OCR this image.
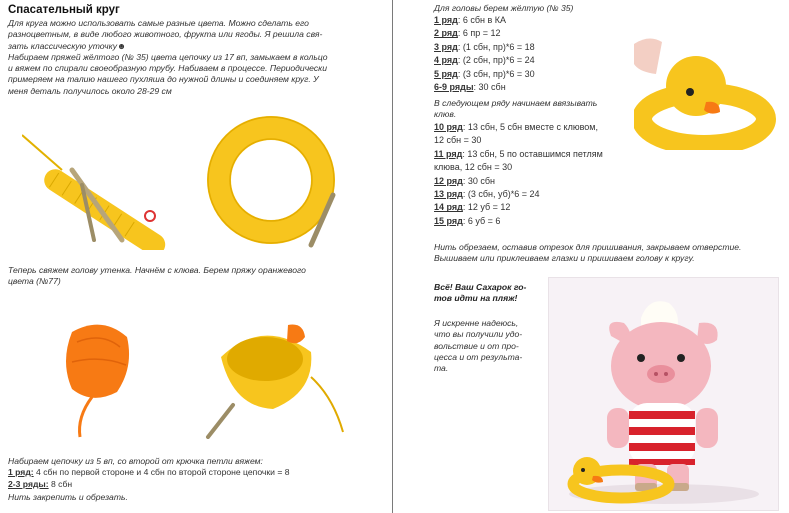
Спасательный круг
Для круга можно использовать самые разные цвета. Можно сделать его
разноцветным, в виде любого животного, фрукта или ягоды. Я решила свя-
зать классическую уточку☻
Набираем пряжей жёлтого (№ 35) цвета цепочку из 17 вп, замыкаем в кольцо
и вяжем по спирали своеобразную трубу. Набиваем в процессе. Периодически
примеряем на талию нашего пухляша до нужной длины и соединяем круг. У
меня деталь получилось около 28-29 см
Теперь свяжем голову утенка. Начнём с клюва. Берем пряжу оранжевого
цвета (№77)
Набираем цепочку из 5 вп, со второй от крючка петли вяжем:
1 ряд: 4 сбн по первой стороне и 4 сбн по второй стороне цепочки = 8
2-3 ряды: 8 сбн
Нить закрепить и обрезать.
Для головы берем жёлтую (№ 35)
1 ряд: 6 сбн в КА
2 ряд: 6 пр = 12
3 ряд: (1 сбн, пр)*6 = 18
4 ряд: (2 сбн, пр)*6 = 24
5 ряд: (3 сбн, пр)*6 = 30
6-9 ряды: 30 сбн
В следующем ряду начинаем ввязывать
клюв.
10 ряд: 13 сбн, 5 сбн вместе с клювом,
12 сбн = 30
11 ряд: 13 сбн, 5 по оставшимся петлям
клюва, 12 сбн = 30
12 ряд: 30 сбн
13 ряд: (3 сбн, уб)*6 = 24
14 ряд: 12 уб = 12
15 ряд: 6 уб = 6
Нить обрезаем, оставив отрезок для пришивания, закрываем отверстие.
Вышиваем или приклеиваем глазки и пришиваем голову к кругу.
Всё! Ваш Сахарок го-
тов идти на пляж!
Я искренне надеюсь,
что вы получили удо-
вольствие и от про-
цесса и от результа-
та.
